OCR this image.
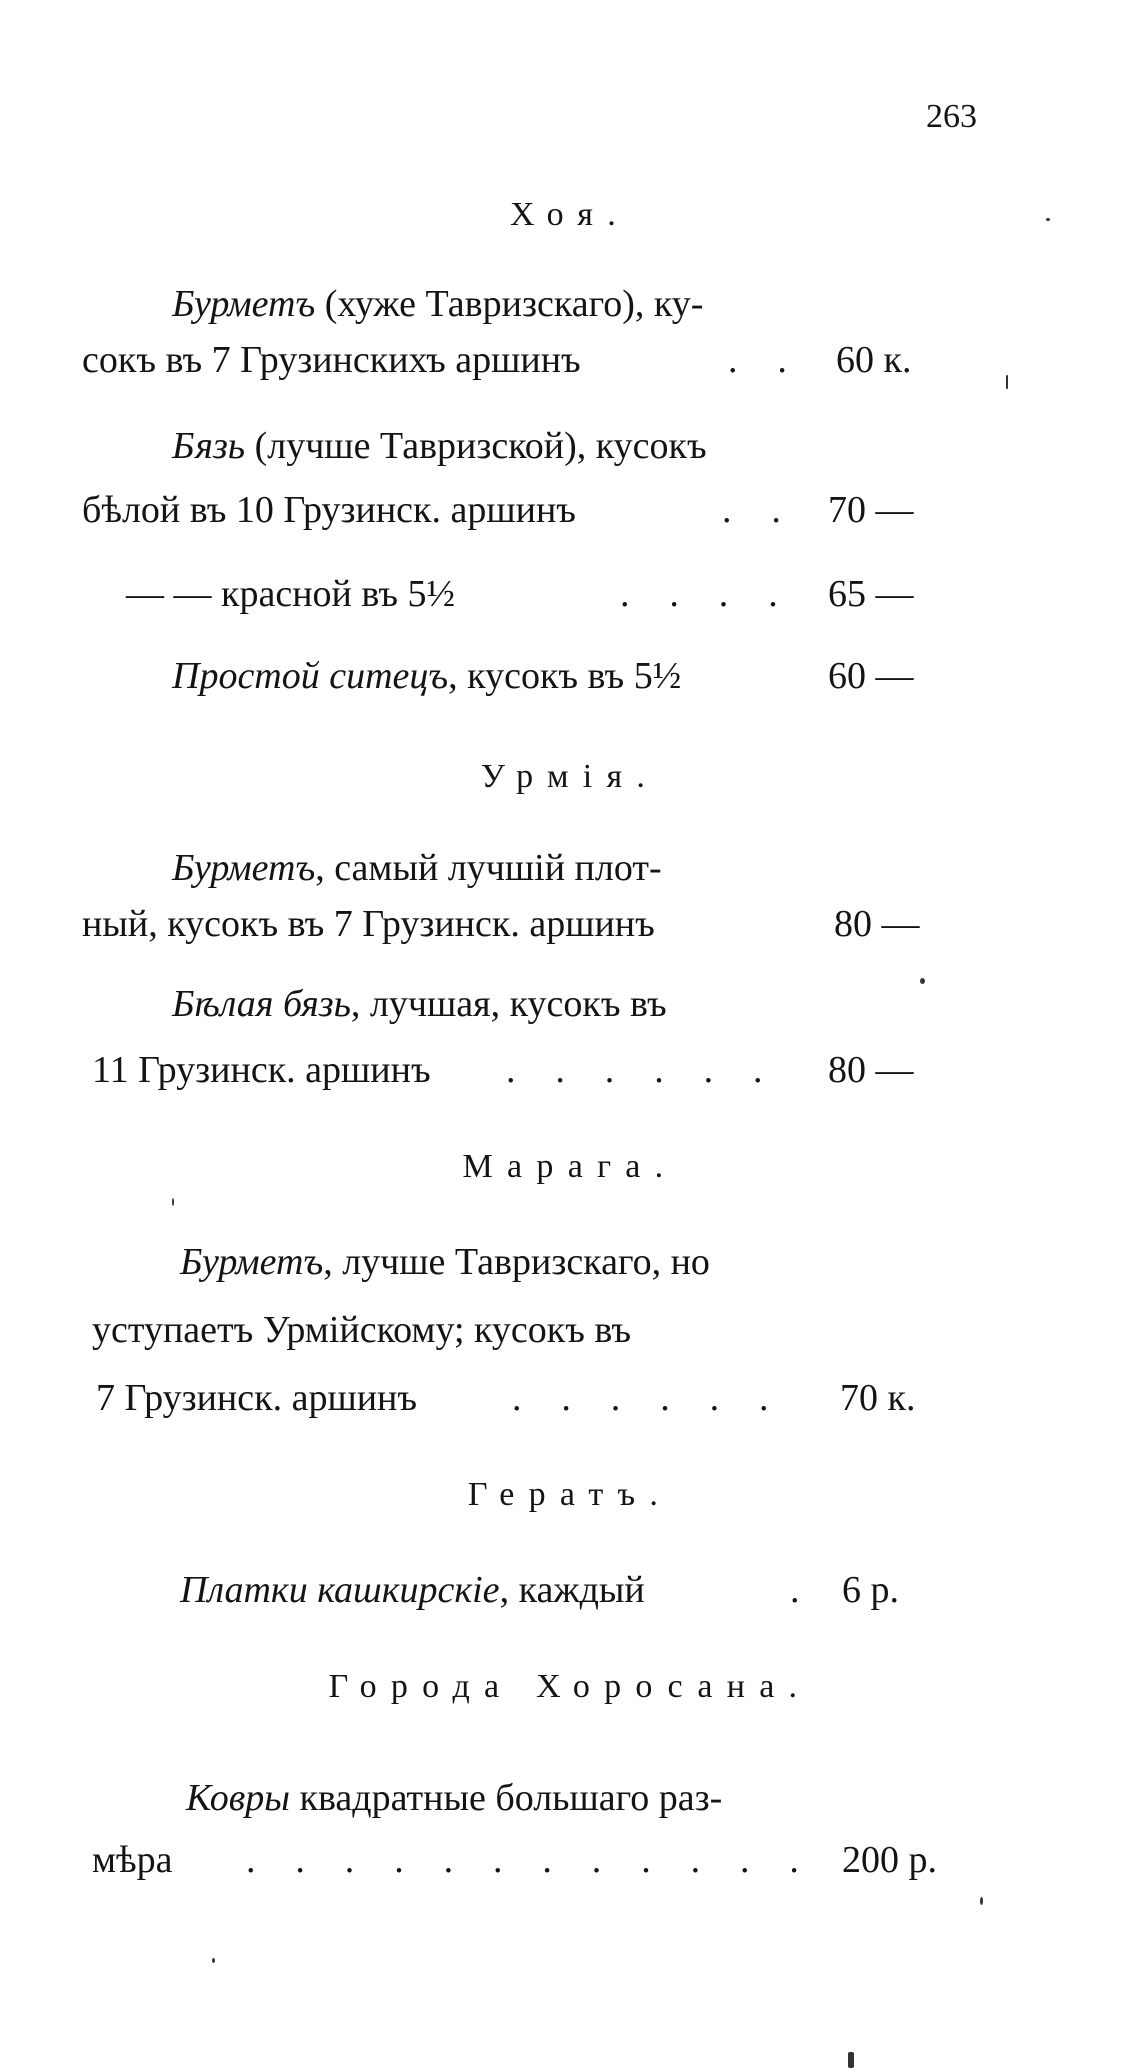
263
Хоя.
Бурметъ (хуже Тавризскаго), ку-
сокъ въ 7 Грузинскихъ аршинъ	. . 60 к.
Бязь (лучше Тавризской), кусокъ
бѣлой въ 10 Грузинск. аршинъ	. . 70 —
— — красной въ 5½	. . . . 65 —
Простой ситецъ, кусокъ въ 5½	60 —
Урмія.
Бурметъ, самый лучшій плот-
ный, кусокъ въ 7 Грузинск. аршинъ	80 —
Бѣлая бязь, лучшая, кусокъ въ
11 Грузинск. аршинъ . . . . . . 80 —
Марага.
Бурметъ, лучше Тавризскаго, но
уступаетъ Урмійскому; кусокъ въ
7 Грузинск. аршинъ . . . . . . 70 к.
Гератъ.
Платки кашкирскіе, каждый	. 6 р.
Города Хоросана.
Ковры квадратные большаго раз-
мѣра . . . . . . . . . . . . 200 р.
